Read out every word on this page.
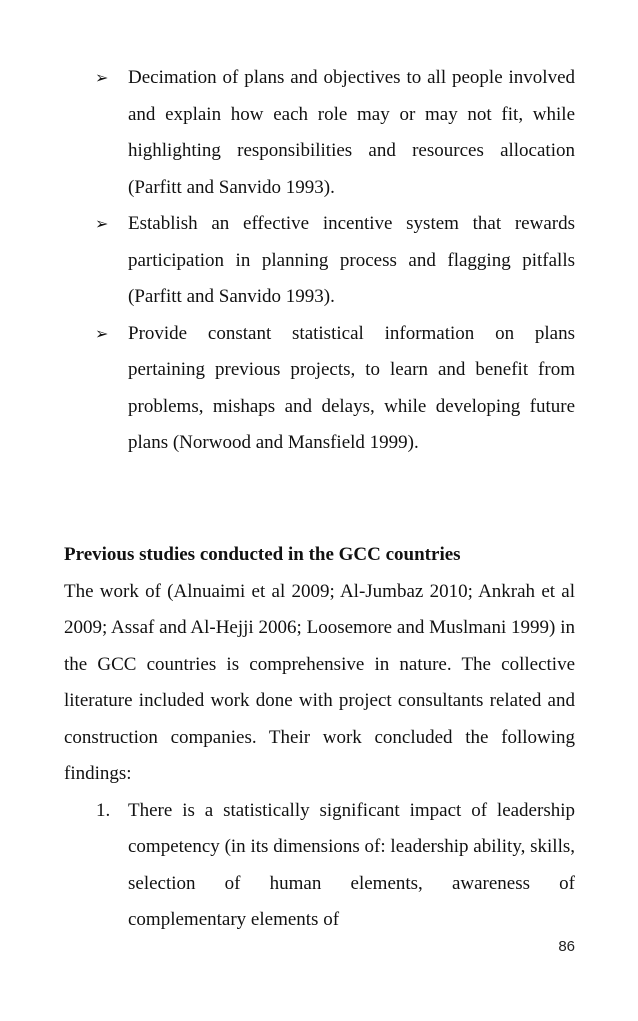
➢ Decimation of plans and objectives to all people involved and explain how each role may or may not fit, while highlighting responsibilities and resources allocation (Parfitt and Sanvido 1993).
➢ Establish an effective incentive system that rewards participation in planning process and flagging pitfalls (Parfitt and Sanvido 1993).
➢ Provide constant statistical information on plans pertaining previous projects, to learn and benefit from problems, mishaps and delays, while developing future plans (Norwood and Mansfield 1999).

Previous studies conducted in the GCC countries

The work of (Alnuaimi et al 2009; Al-Jumbaz 2010; Ankrah et al 2009; Assaf and Al-Hejji 2006; Loosemore and Muslmani 1999) in the GCC countries is comprehensive in nature. The collective literature included work done with project consultants related and construction companies. Their work concluded the following findings:

1. There is a statistically significant impact of leadership competency (in its dimensions of: leadership ability, skills, selection of human elements, awareness of complementary elements of
86
